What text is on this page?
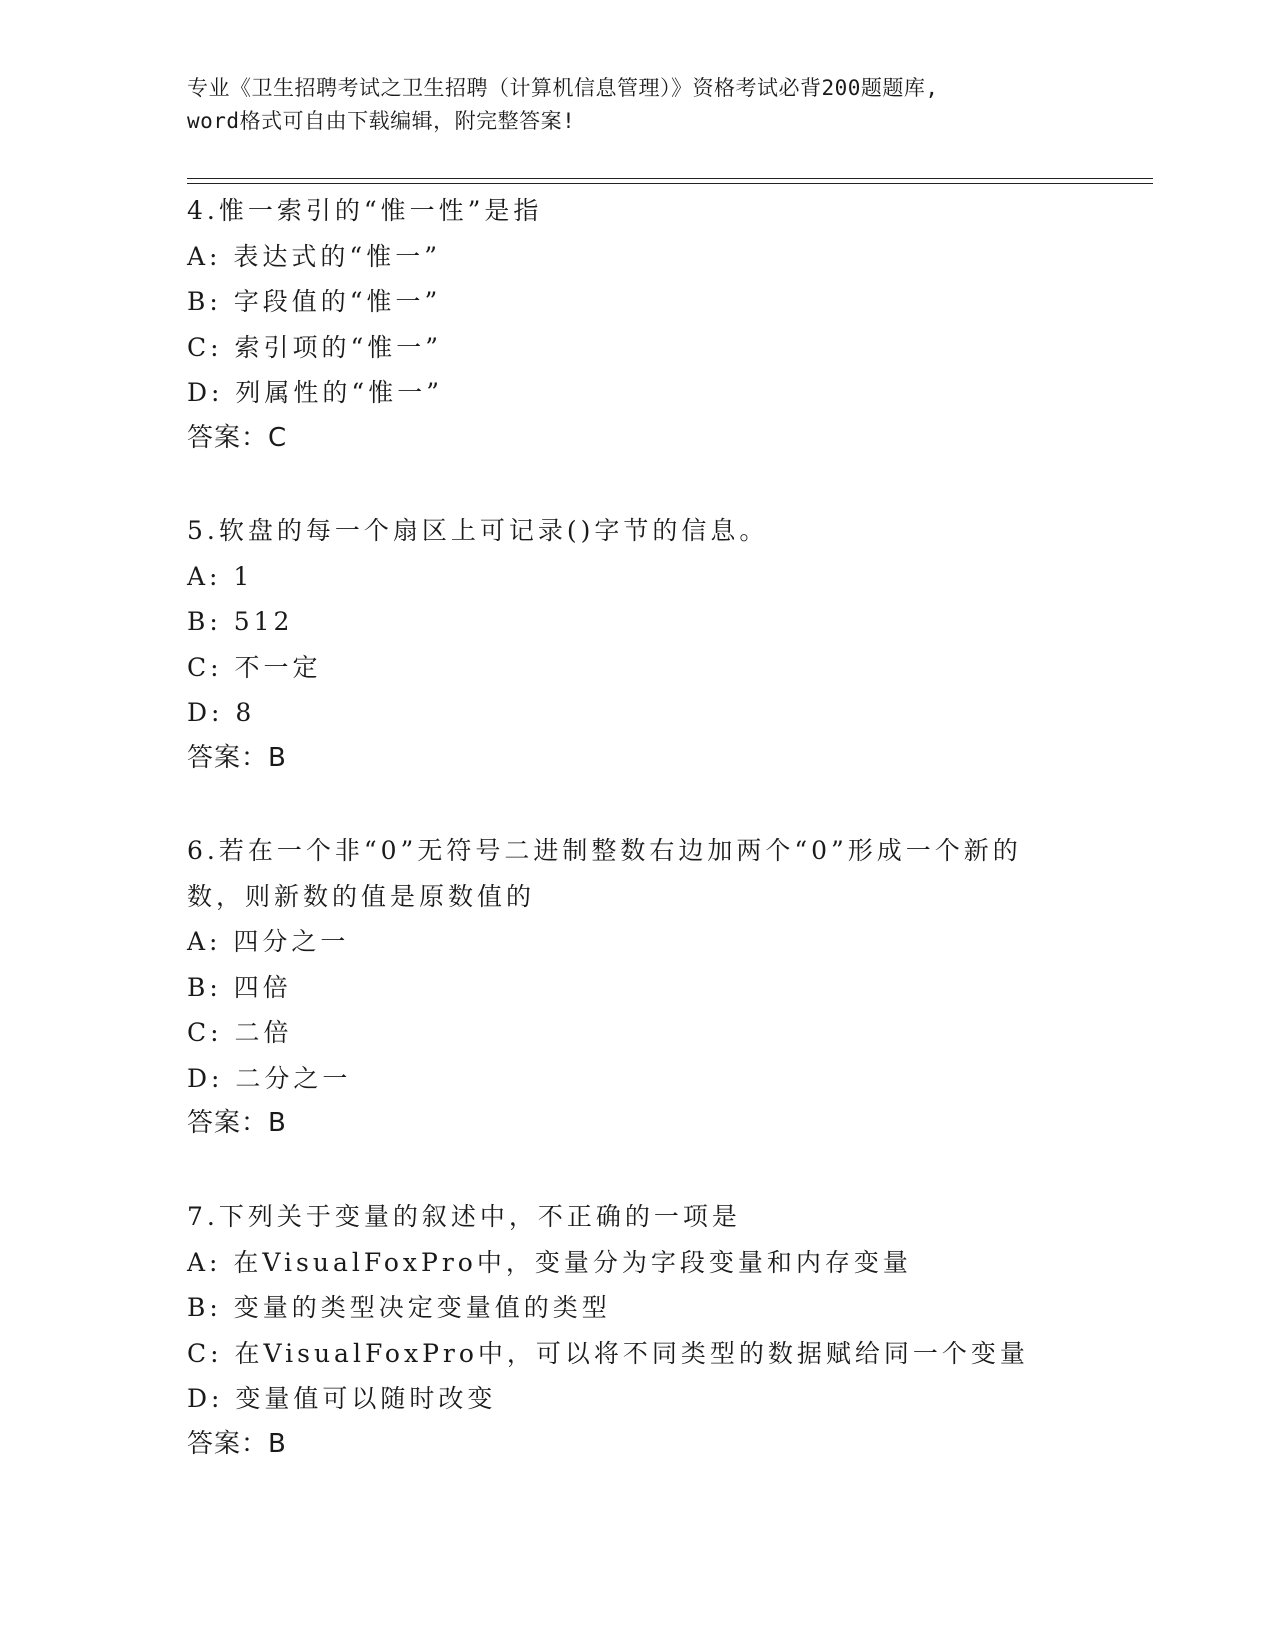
专业《卫生招聘考试之卫生招聘（计算机信息管理）》资格考试必背200题题库,
word格式可自由下载编辑，附完整答案!
4.惟一索引的“惟一性”是指
A: 表达式的“惟一”
B: 字段值的“惟一”
C: 索引项的“惟一”
D: 列属性的“惟一”
答案：C
5.软盘的每一个扇区上可记录()字节的信息。
A: 1
B: 512
C: 不一定
D: 8
答案：B
6.若在一个非“0”无符号二进制整数右边加两个“0”形成一个新的
数，则新数的值是原数值的
A: 四分之一
B: 四倍
C: 二倍
D: 二分之一
答案：B
7.下列关于变量的叙述中，不正确的一项是
A: 在VisualFoxPro中，变量分为字段变量和内存变量
B: 变量的类型决定变量值的类型
C: 在VisualFoxPro中，可以将不同类型的数据赋给同一个变量
D: 变量值可以随时改变
答案：B
